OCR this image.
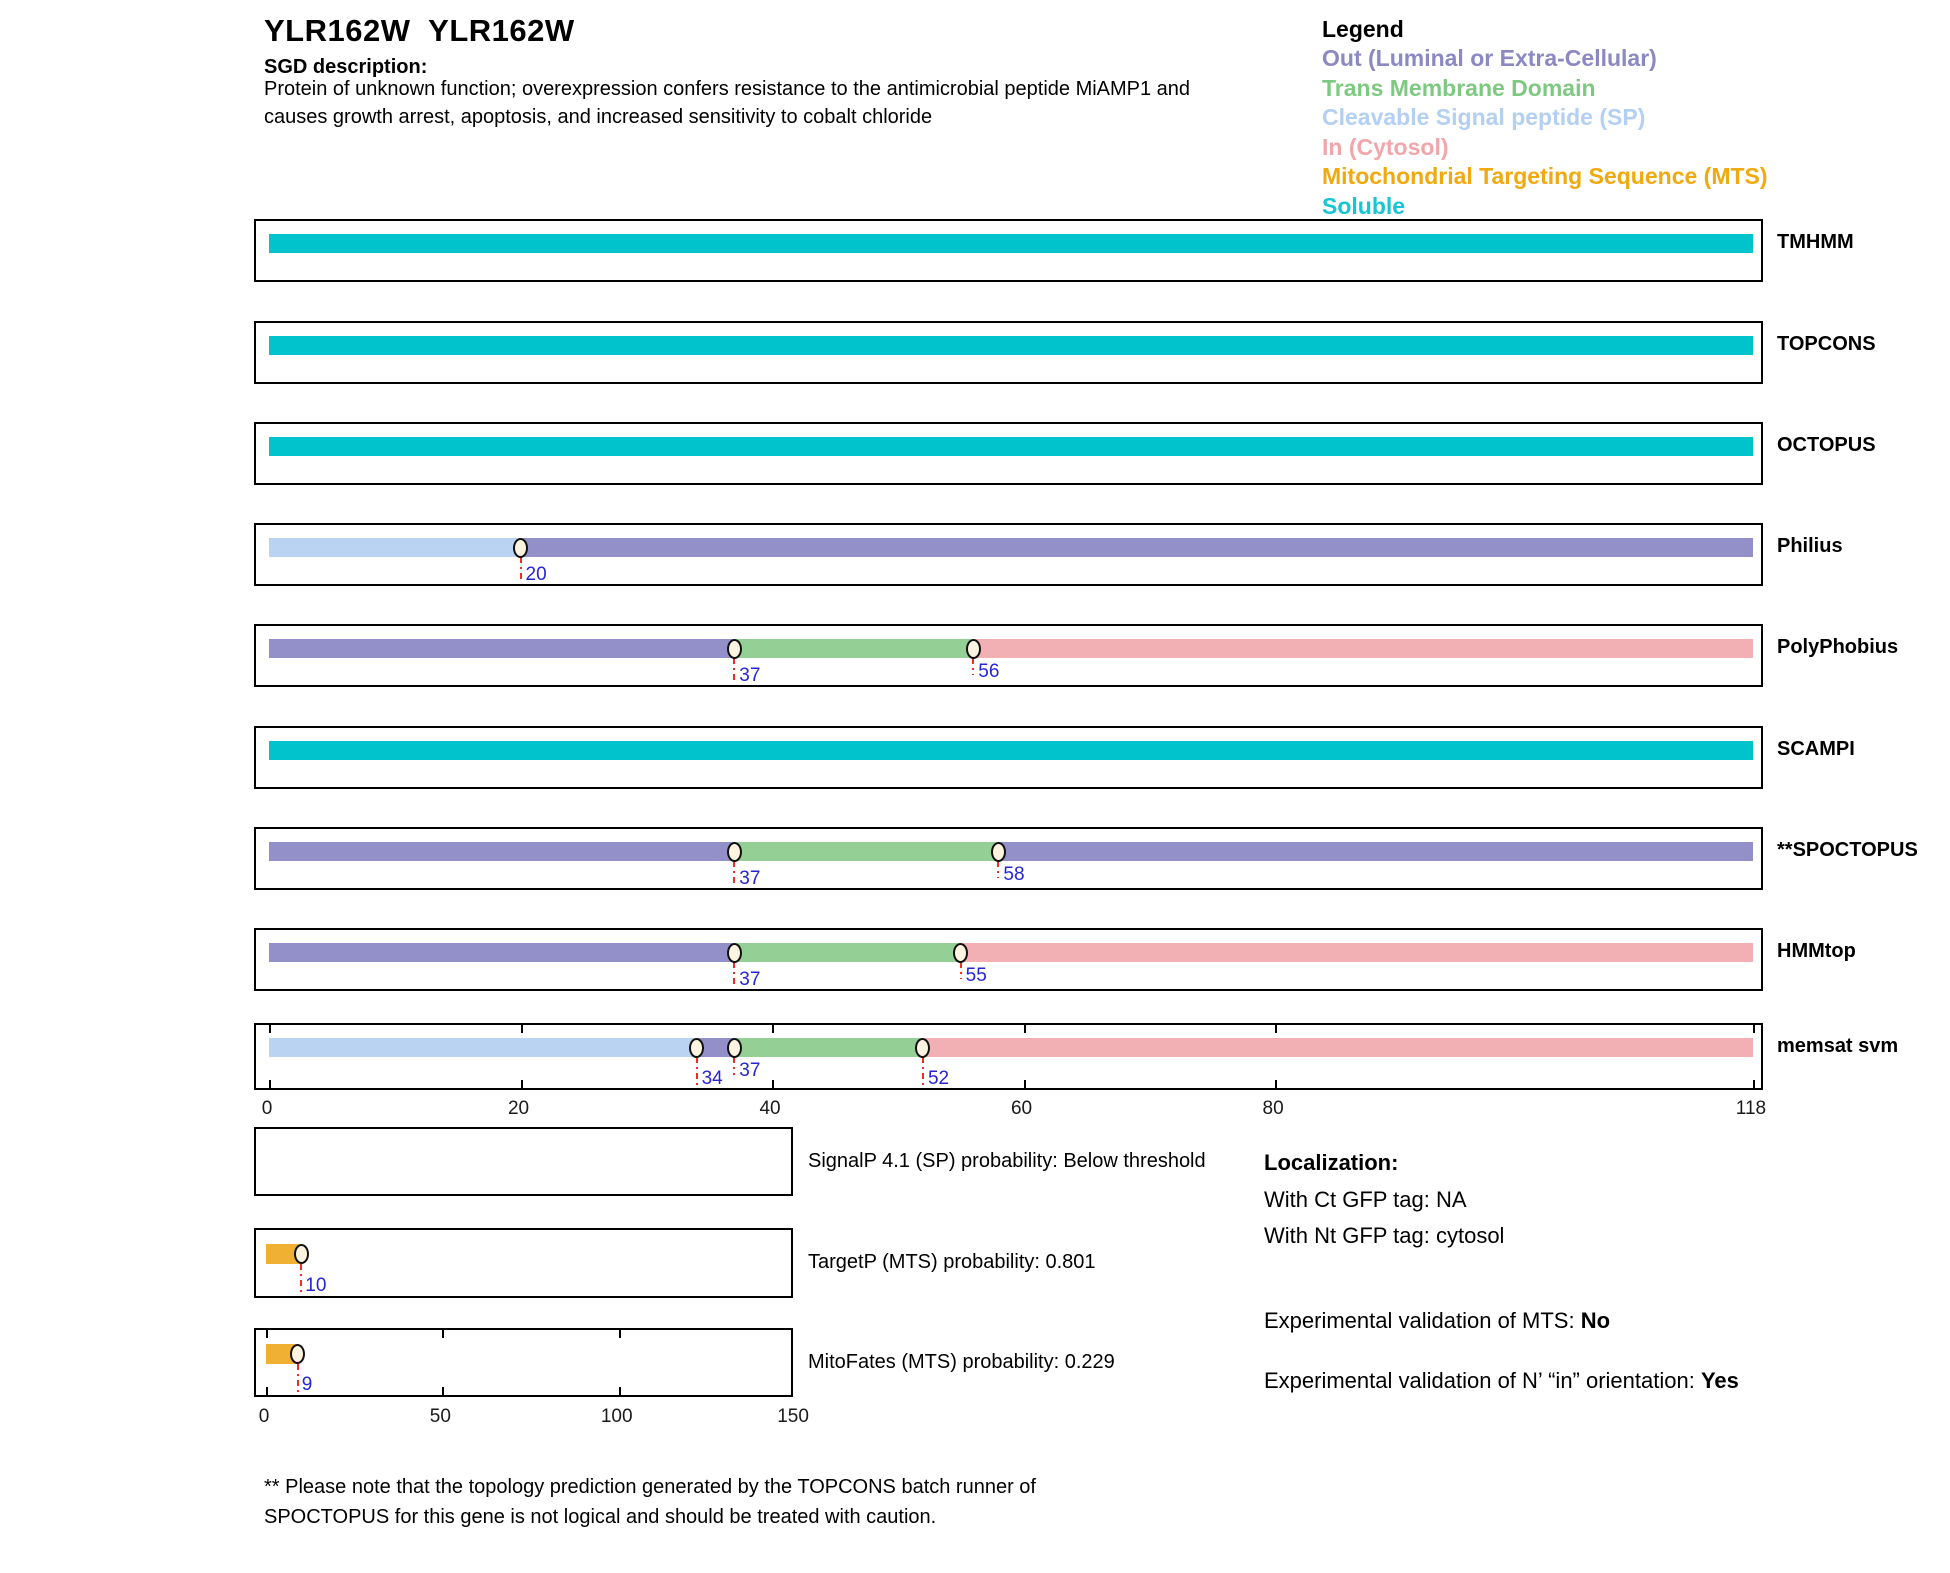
YLR162W  YLR162W
SGD description:
Protein of unknown function; overexpression confers resistance to the antimicrobial peptide MiAMP1 and
causes growth arrest, apoptosis, and increased sensitivity to cobalt chloride
Legend
Out (Luminal or Extra-Cellular)
Trans Membrane Domain
Cleavable Signal peptide (SP)
In (Cytosol)
Mitochondrial Targeting Sequence (MTS)
Soluble
TMHMM
TOPCONS
OCTOPUS
20
Philius
37	56
PolyPhobius
SCAMPI
37	58
**SPOCTOPUS
37	55
HMMtop
34 37	52
0	20	40	60	80	118
memsat svm
SignalP 4.1 (SP) probability: Below threshold
10
TargetP (MTS) probability: 0.801
9
0	50	100	150
MitoFates (MTS) probability: 0.229
Localization:
With Ct GFP tag: NA
With Nt GFP tag: cytosol
Experimental validation of MTS: No
Experimental validation of N’ “in” orientation: Yes
** Please note that the topology prediction generated by the TOPCONS batch runner of
SPOCTOPUS for this gene is not logical and should be treated with caution.
